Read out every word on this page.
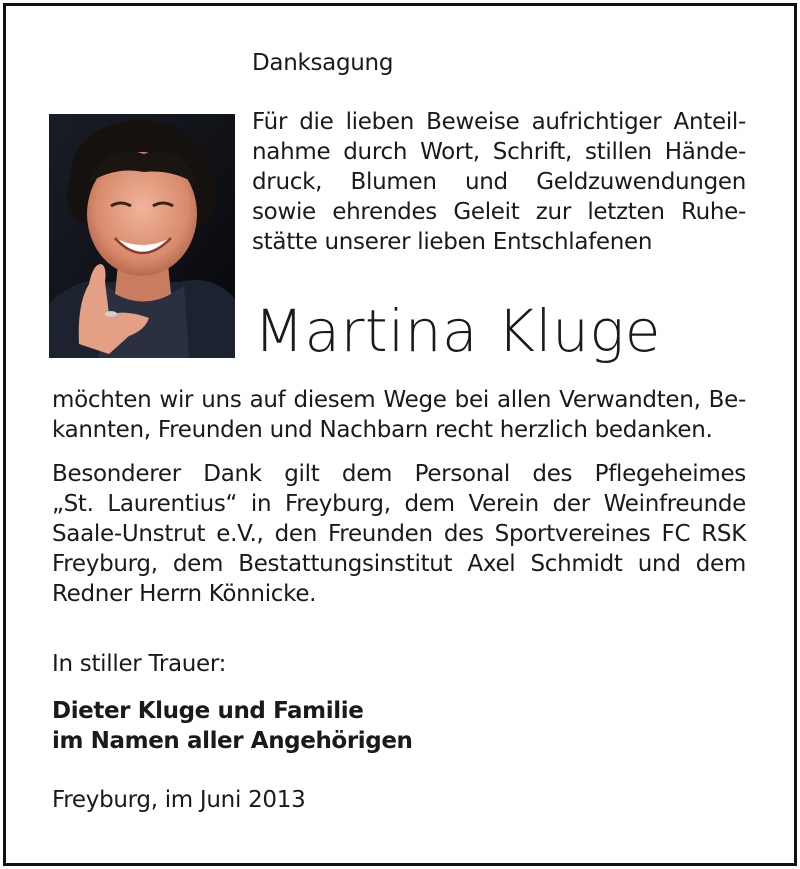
Danksagung
Für die lieben Beweise aufrichtiger Anteil-
nahme durch Wort, Schrift, stillen Hände-
druck, Blumen und Geldzuwendungen
sowie ehrendes Geleit zur letzten Ruhe-
stätte unserer lieben Entschlafenen
Martina Kluge
möchten wir uns auf diesem Wege bei allen Verwandten, Be-
kannten, Freunden und Nachbarn recht herzlich bedanken.
Besonderer Dank gilt dem Personal des Pflegeheimes
„St. Laurentius“ in Freyburg, dem Verein der Weinfreunde
Saale-Unstrut e.V., den Freunden des Sportvereines FC RSK
Freyburg, dem Bestattungsinstitut Axel Schmidt und dem
Redner Herrn Könnicke.
In stiller Trauer:
Dieter Kluge und Familie
im Namen aller Angehörigen
Freyburg, im Juni 2013
